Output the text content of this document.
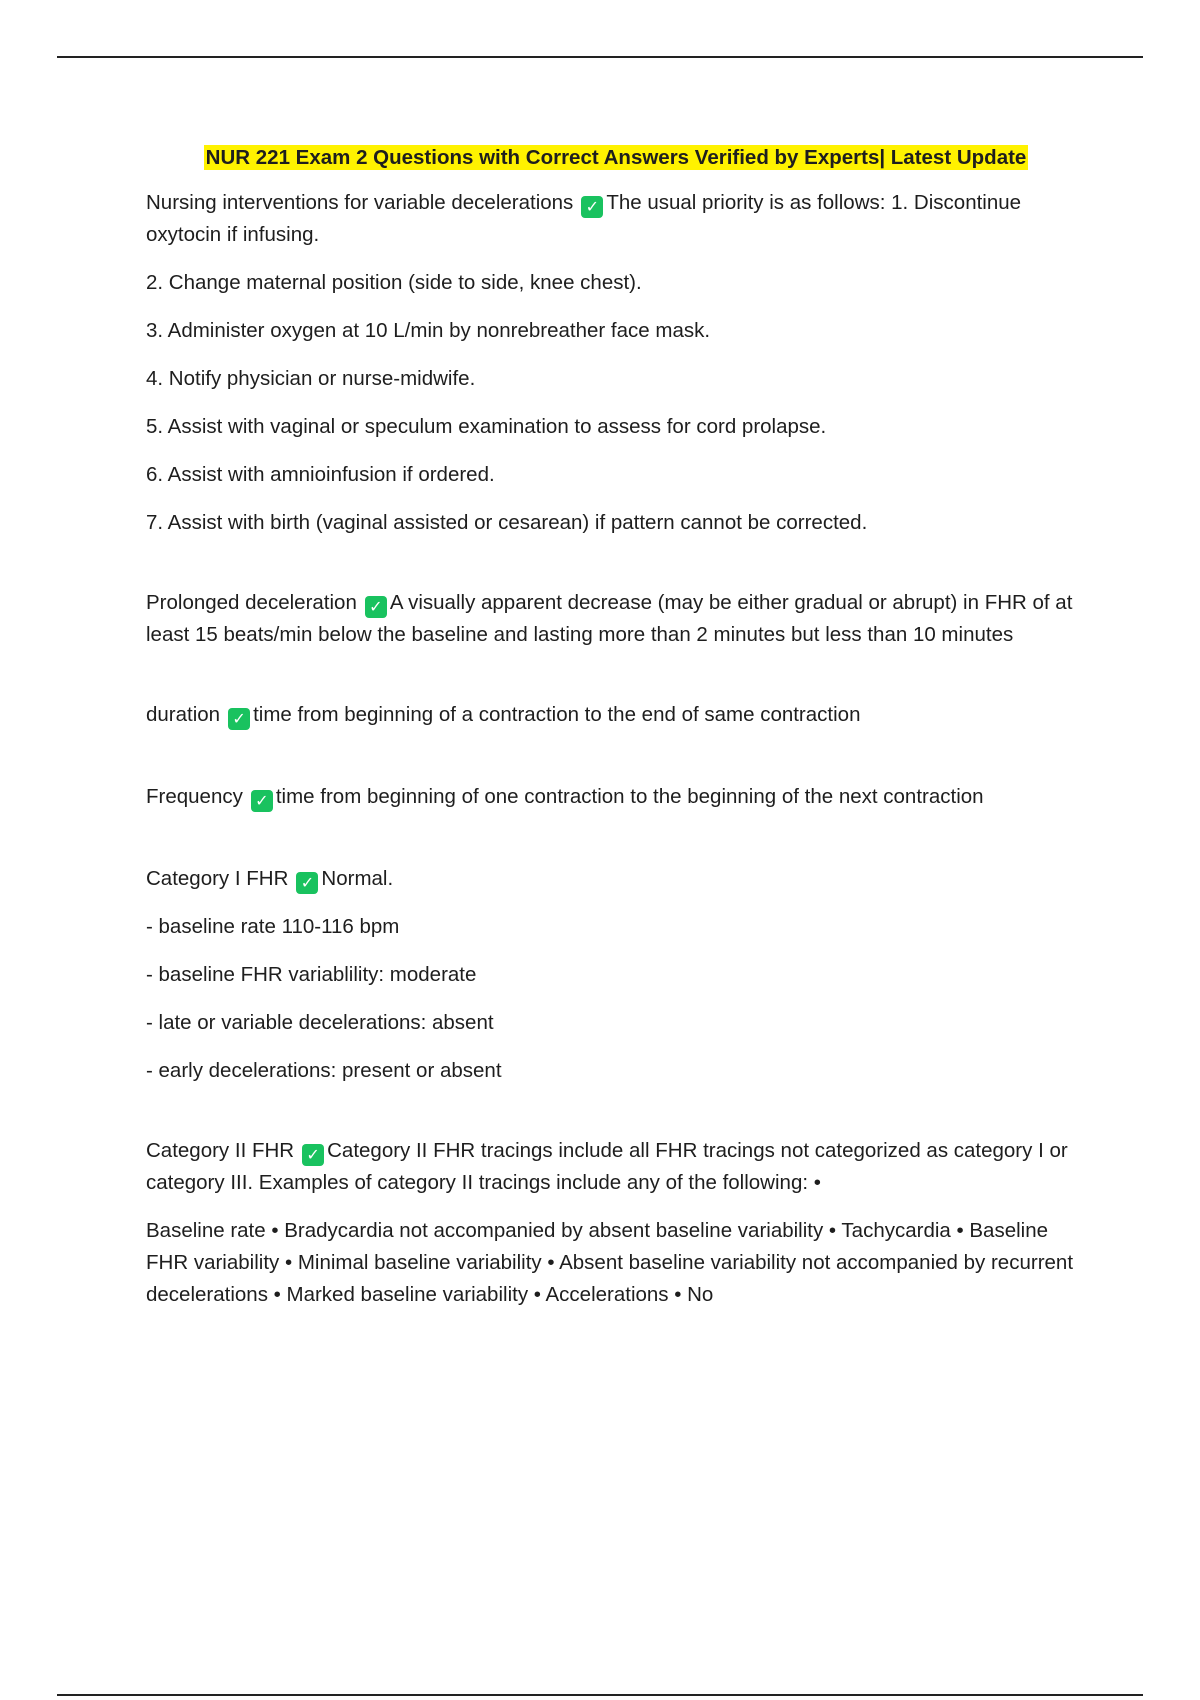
NUR 221 Exam 2 Questions with Correct Answers Verified by Experts| Latest Update

Nursing interventions for variable decelerations ✓ The usual priority is as follows: 1. Discontinue oxytocin if infusing.

2. Change maternal position (side to side, knee chest).

3. Administer oxygen at 10 L/min by nonrebreather face mask.

4. Notify physician or nurse-midwife.

5. Assist with vaginal or speculum examination to assess for cord prolapse.

6. Assist with amnioinfusion if ordered.

7. Assist with birth (vaginal assisted or cesarean) if pattern cannot be corrected.

Prolonged deceleration ✓ A visually apparent decrease (may be either gradual or abrupt) in FHR of at least 15 beats/min below the baseline and lasting more than 2 minutes but less than 10 minutes

duration ✓ time from beginning of a contraction to the end of same contraction

Frequency ✓ time from beginning of one contraction to the beginning of the next contraction

Category I FHR ✓ Normal.

- baseline rate 110-116 bpm

- baseline FHR variablility: moderate

- late or variable decelerations: absent

- early decelerations: present or absent

Category II FHR ✓ Category II FHR tracings include all FHR tracings not categorized as category I or category III. Examples of category II tracings include any of the following: •

Baseline rate • Bradycardia not accompanied by absent baseline variability • Tachycardia • Baseline FHR variability • Minimal baseline variability • Absent baseline variability not accompanied by recurrent decelerations • Marked baseline variability • Accelerations • No
